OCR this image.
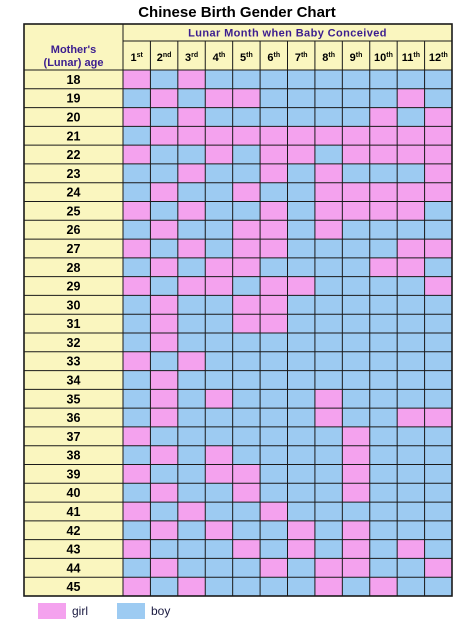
Chinese Birth Gender Chart
Mother's
(Lunar) age
Lunar Month when Baby Conceived
1st 2nd 3rd 4th 5th 6th 7th 8th 9th 10th 11th 12th
18
19
20
21
22
23
24
25
26
27
28
29
30
31
32
33
34
35
36
37
38
39
40
41
42
43
44
45
girl	boy
